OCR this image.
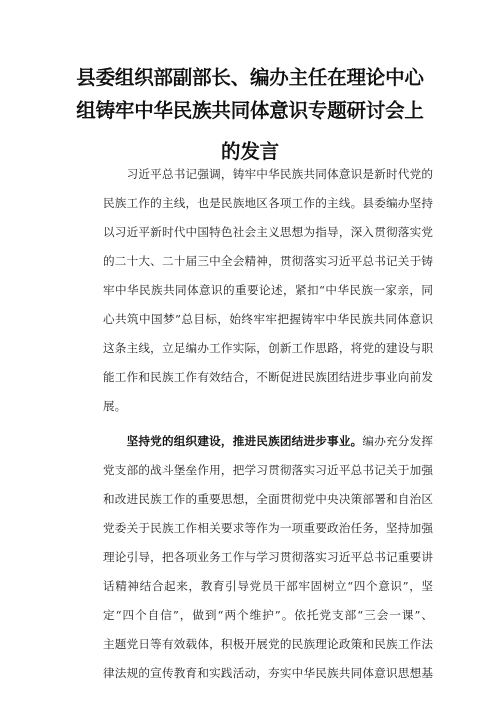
县委组织部副部长、编办主任在理论中心
组铸牢中华民族共同体意识专题研讨会上
的发言
　　习近平总书记强调，铸牢中华民族共同体意识是新时代党的
民族工作的主线，也是民族地区各项工作的主线。县委编办坚持
以习近平新时代中国特色社会主义思想为指导，深入贯彻落实党
的二十大、二十届三中全会精神，贯彻落实习近平总书记关于铸
牢中华民族共同体意识的重要论述，紧扣“中华民族一家亲，同
心共筑中国梦”总目标，始终牢牢把握铸牢中华民族共同体意识
这条主线，立足编办工作实际，创新工作思路，将党的建设与职
能工作和民族工作有效结合，不断促进民族团结进步事业向前发
展。
　　坚持党的组织建设，推进民族团结进步事业。编办充分发挥
党支部的战斗堡垒作用，把学习贯彻落实习近平总书记关于加强
和改进民族工作的重要思想，全面贯彻党中央决策部署和自治区
党委关于民族工作相关要求等作为一项重要政治任务，坚持加强
理论引导，把各项业务工作与学习贯彻落实习近平总书记重要讲
话精神结合起来，教育引导党员干部牢固树立“四个意识”，坚
定“四个自信”，做到“两个维护”。依托党支部“三会一课”、
主题党日等有效载体，积极开展党的民族理论政策和民族工作法
律法规的宣传教育和实践活动，夯实中华民族共同体意识思想基
